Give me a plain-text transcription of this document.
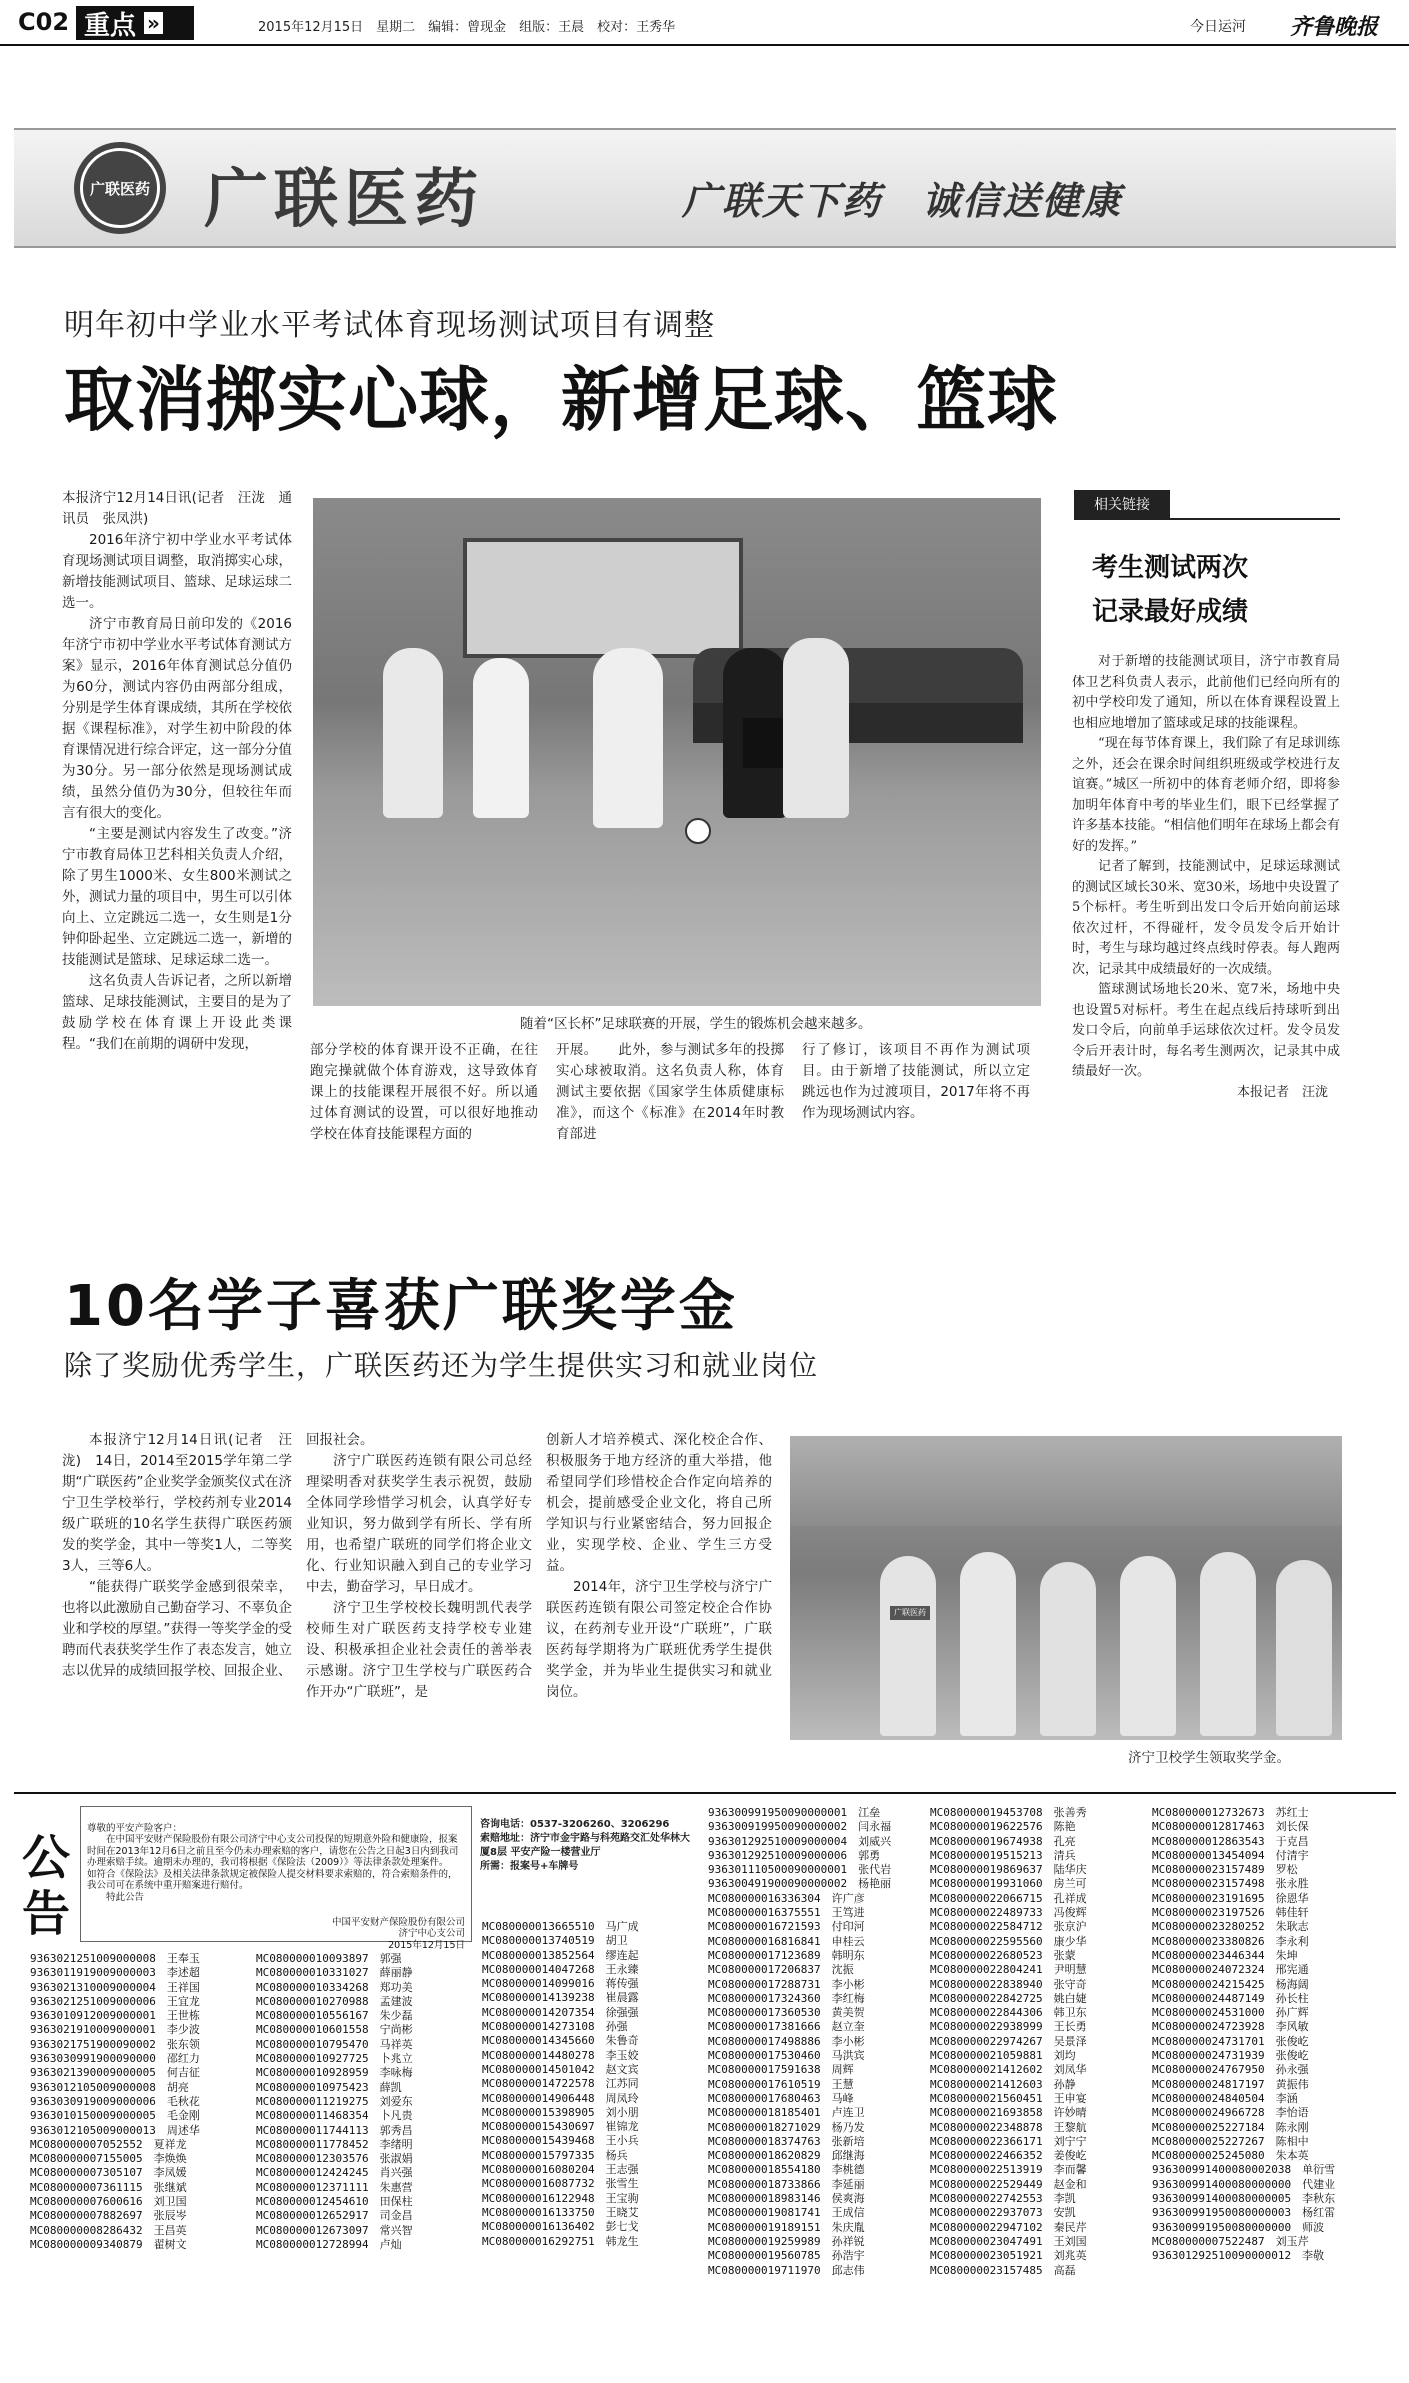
C02 重点 »	2015年12月15日　星期二　编辑：曾现金　组版：王晨　校对：王秀华	今日运河 齐鲁晚报
广联医药 广联医药	广联天下药　诚信送健康
明年初中学业水平考试体育现场测试项目有调整
取消掷实心球，新增足球、篮球

本报济宁12月14日讯(记者　汪泷　通讯员　张凤洪)

2016年济宁初中学业水平考试体育现场测试项目调整，取消掷实心球，新增技能测试项目、篮球、足球运球二选一。

济宁市教育局日前印发的《2016年济宁市初中学业水平考试体育测试方案》显示，2016年体育测试总分值仍为60分，测试内容仍由两部分组成，分别是学生体育课成绩，其所在学校依据《课程标准》，对学生初中阶段的体育课情况进行综合评定，这一部分分值为30分。另一部分依然是现场测试成绩，虽然分值仍为30分，但较往年而言有很大的变化。

“主要是测试内容发生了改变。”济宁市教育局体卫艺科相关负责人介绍，除了男生1000米、女生800米测试之外，测试力量的项目中，男生可以引体向上、立定跳远二选一，女生则是1分钟仰卧起坐、立定跳远二选一，新增的技能测试是篮球、足球运球二选一。

这名负责人告诉记者，之所以新增篮球、足球技能测试，主要目的是为了鼓励学校在体育课上开设此类课程。“我们在前期的调研中发现，

随着“区长杯”足球联赛的开展，学生的锻炼机会越来越多。

部分学校的体育课开设不正确，在往跑完操就做个体育游戏，这导致体育课上的技能课程开展很不好。所以通过体育测试的设置，可以很好地推动学校在体育技能课程方面的

开展。　　此外，参与测试多年的投掷实心球被取消。这名负责人称，体育测试主要依据《国家学生体质健康标准》，而这个《标准》在2014年时教育部进

行了修订，该项目不再作为测试项目。由于新增了技能测试，所以立定跳远也作为过渡项目，2017年将不再作为现场测试内容。

相关链接
考生测试两次
记录最好成绩

对于新增的技能测试项目，济宁市教育局体卫艺科负责人表示，此前他们已经向所有的初中学校印发了通知，所以在体育课程设置上也相应地增加了篮球或足球的技能课程。

“现在每节体育课上，我们除了有足球训练之外，还会在课余时间组织班级或学校进行友谊赛。”城区一所初中的体育老师介绍，即将参加明年体育中考的毕业生们，眼下已经掌握了许多基本技能。“相信他们明年在球场上都会有好的发挥。”

记者了解到，技能测试中，足球运球测试的测试区域长30米、宽30米，场地中央设置了5个标杆。考生听到出发口令后开始向前运球依次过杆，不得碰杆，发令员发令后开始计时，考生与球均越过终点线时停表。每人跑两次，记录其中成绩最好的一次成绩。

篮球测试场地长20米、宽7米，场地中央也设置5对标杆。考生在起点线后持球听到出发口令后，向前单手运球依次过杆。发令员发令后开表计时，每名考生测两次，记录其中成绩最好一次。

本报记者　汪泷

10名学子喜获广联奖学金
除了奖励优秀学生，广联医药还为学生提供实习和就业岗位

本报济宁12月14日讯(记者　汪泷)　14日，2014至2015学年第二学期“广联医药”企业奖学金颁奖仪式在济宁卫生学校举行，学校药剂专业2014级广联班的10名学生获得广联医药颁发的奖学金，其中一等奖1人，二等奖3人，三等6人。

“能获得广联奖学金感到很荣幸，也将以此激励自己勤奋学习、不辜负企业和学校的厚望。”获得一等奖学金的受聘而代表获奖学生作了表态发言，她立志以优异的成绩回报学校、回报企业、

回报社会。

济宁广联医药连锁有限公司总经理梁明香对获奖学生表示祝贺，鼓励全体同学珍惜学习机会，认真学好专业知识，努力做到学有所长、学有所用，也希望广联班的同学们将企业文化、行业知识融入到自己的专业学习中去，勤奋学习，早日成才。

济宁卫生学校校长魏明凯代表学校师生对广联医药支持学校专业建设、积极承担企业社会责任的善举表示感谢。济宁卫生学校与广联医药合作开办“广联班”，是

创新人才培养模式、深化校企合作、积极服务于地方经济的重大举措，他希望同学们珍惜校企合作定向培养的机会，提前感受企业文化，将自己所学知识与行业紧密结合，努力回报企业，实现学校、企业、学生三方受益。

2014年，济宁卫生学校与济宁广联医药连锁有限公司签定校企合作协议，在药剂专业开设“广联班”，广联医药每学期将为广联班优秀学生提供奖学金，并为毕业生提供实习和就业岗位。

广联医药
济宁卫校学生领取奖学金。
公告

尊敬的平安产险客户：
　　在中国平安财产保险股份有限公司济宁中心支公司投保的短期意外险和健康险，报案时间在2013年12月6日之前且至今仍未办理索赔的客户，请您在公告之日起3日内到我司办理索赔手续。逾期未办理的，我司将根据《保险法（2009）》等法律条款处理案件。　　如符合《保险法》及相关法律条款规定被保险人提交材料要求索赔的，符合索赔条件的，我公司可在系统中重开赔案进行赔付。
　　特此公告

中国平安财产保险股份有限公司
济宁中心支公司
2015年12月15日

咨询电话：0537-3206260、3206296
索赔地址：济宁市金宇路与科苑路交汇处华林大厦8层 平安产险一楼营业厅
所需：报案号+车牌号
9363021251009000008　王奉玉
9363011919009000003　李述超
9363021310009000004　王祥国
9363021251009000006　王宜龙
9363010912009000001　王世栋
9363021910009000001　李少波
9363021751900090002　张东领
9363030991900090000　邵红力
9363021390009000005　何吉征
9363012105009000008　胡亮
9363030919009000006　毛秋花
9363010150009000005　毛金刚
9363012105009000013　周述华
MC080000007052552　夏祥龙
MC080000007155005　李焕焕
MC080000007305107　李凤媛
MC080000007361115　张继斌
MC080000007600616　刘卫国
MC080000007882697　张辰岑
MC080000008286432　王昌英
MC080000009340879　翟树文
MC080000010093897　郭强
MC080000010331027　薛丽静
MC080000010334268　郑功美
MC080000010270988　孟建波
MC080000010556167　朱少磊
MC080000010601558　宁尚彬
MC080000010795470　马祥英
MC080000010927725　卜兆立
MC080000010928959　李咏梅
MC080000010975423　薛凯
MC080000011219275　刘爱东
MC080000011468354　卜凡贵
MC080000011744113　郭秀昌
MC080000011778452　李绪明
MC080000012303576　张淑娟
MC080000012424245　肖兴强
MC080000012371111　朱惠营
MC080000012454610　田保柱
MC080000012652917　司金昌
MC080000012673097　常兴智
MC080000012728994　卢灿
MC080000013665510　马广成
MC080000013740519　胡卫
MC080000013852564　缪连起
MC080000014047268　王永臻
MC080000014099016　蒋传强
MC080000014139238　崔晨露
MC080000014207354　徐强强
MC080000014273108　孙强
MC080000014345660　朱鲁奇
MC080000014480278　李玉姣
MC080000014501042　赵文宾
MC080000014722578　江苏同
MC080000014906448　周凤玲
MC080000015398905　刘小朋
MC080000015430697　崔锦龙
MC080000015439468　王小兵
MC080000015797335　杨兵
MC080000016080204　王志强
MC080000016087732　张雪生
MC080000016122948　王宝驹
MC080000016133750　王晓艾
MC080000016136402　彭七戈
MC080000016292751　韩龙生
936300991950090000001　江垒
936300919950090000002　闫永福
936301292510009000004　刘威兴
936301292510009000006　郭勇
936301110500090000001　张代岩
936300491900090000002　杨艳丽
MC080000016336304　许广彦
MC080000016375551　王笃进
MC080000016721593　付印河
MC080000016816841　申桂云
MC080000017123689　韩明东
MC080000017206837　沈振
MC080000017288731　李小彬
MC080000017324360　李红梅
MC080000017360530　黄美贺
MC080000017381666　赵立奎
MC080000017498886　李小彬
MC080000017530460　马洪宾
MC080000017591638　周辉
MC080000017610519　王慧
MC080000017680463　马峰
MC080000018185401　卢连卫
MC080000018271029　杨乃发
MC080000018374763　张新培
MC080000018620829　邱继海
MC080000018554180　李桃德
MC080000018733866　李延丽
MC080000018983146　侯爽海
MC080000019081741　王成信
MC080000019189151　朱庆胤
MC080000019259989　孙祥锐
MC080000019560785　孙浩宇
MC080000019711970　邱志伟
MC080000019453708　张善秀
MC080000019622576　陈艳
MC080000019674938　孔亮
MC080000019515213　清兵
MC080000019869637　陆华庆
MC080000019931060　房兰可
MC080000022066715　孔祥成
MC080000022489733　冯俊辉
MC080000022584712　张京沪
MC080000022595560　康少华
MC080000022680523　张蒙
MC080000022804241　尹明慧
MC080000022838940　张守奇
MC080000022842725　姚白婕
MC080000022844306　韩卫东
MC080000022938999　王长勇
MC080000022974267　吴景泽
MC080000021059881　刘均
MC080000021412602　刘凤华
MC080000021412603　孙静
MC080000021560451　王申宴
MC080000021693858　许妙晴
MC080000022348878　王黎航
MC080000022366171　刘宁宁
MC080000022466352　姜俊屹
MC080000022513919　李而馨
MC080000022529449　赵金和
MC080000022742553　李凯
MC080000022937073　安凯
MC080000022947102　秦民芹
MC080000023047491　王刘国
MC080000023051921　刘兆英
MC080000023157485　高磊
MC080000012732673　苏红士
MC080000012817463　刘长保
MC080000012863543　于克昌
MC080000013454094　付清宇
MC080000023157489　罗松
MC080000023157498　张永胜
MC080000023191695　徐恩华
MC080000023197526　韩佳轩
MC080000023280252　朱耿志
MC080000023380826　李永利
MC080000023446344　朱坤
MC080000024072324　邢宪通
MC080000024215425　杨海阔
MC080000024487149　孙长柱
MC080000024531000　孙广辉
MC080000024723928　李风敏
MC080000024731701　张俊屹
MC080000024731939　张俊屹
MC080000024767950　孙永强
MC080000024817197　黄振伟
MC080000024840504　李涵
MC080000024966728　李怡语
MC080000025227184　陈永刚
MC080000025227267　陈相中
MC080000025245080　朱本英
936300991400080002038　单衍雪
936300991400080000000　代建业
936300991400080000005　李秋东
936300991950080000003　杨红雷
936300991950080000000　师波
MC080000007522487　刘玉芹
936301292510090000012　李敬
